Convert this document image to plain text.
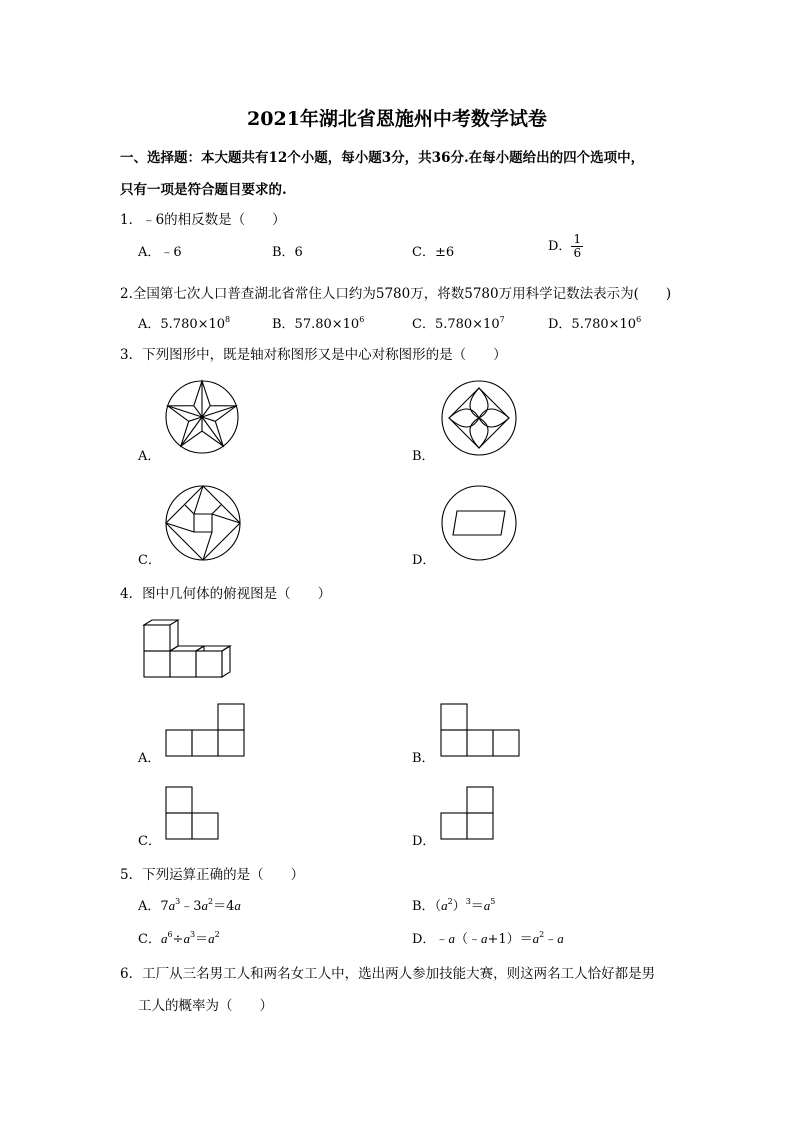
2021年湖北省恩施州中考数学试卷
一、选择题：本大题共有12个小题，每小题3分，共36分.在每小题给出的四个选项中，
只有一项是符合题目要求的.
1．﹣6的相反数是（　　）
A．﹣6	B．6	C．±6	D． $\frac{1}{6}$
2.全国第七次人口普查湖北省常住人口约为5780万，将数5780万用科学记数法表示为(　　)
A．$5.780\times 10^8$	B．$57.80\times 10^6$	C．$5.780\times 10^7$	D．$5.780\times 10^6$
3．下列图形中，既是轴对称图形又是中心对称图形的是（　　）
A．	B．
C．	D．
4．图中几何体的俯视图是（　　）
A．	B．
C．	D．
5．下列运算正确的是（　　）
A．$7a^3﹣3a^2=4a$	B．$(a^2)^3=a^5$
C．$a^6\div a^3=a^2$	D．$﹣a(﹣a+1)=a^2﹣a$
6．工厂从三名男工人和两名女工人中，选出两人参加技能大赛，则这两名工人恰好都是男
工人的概率为（　　）
